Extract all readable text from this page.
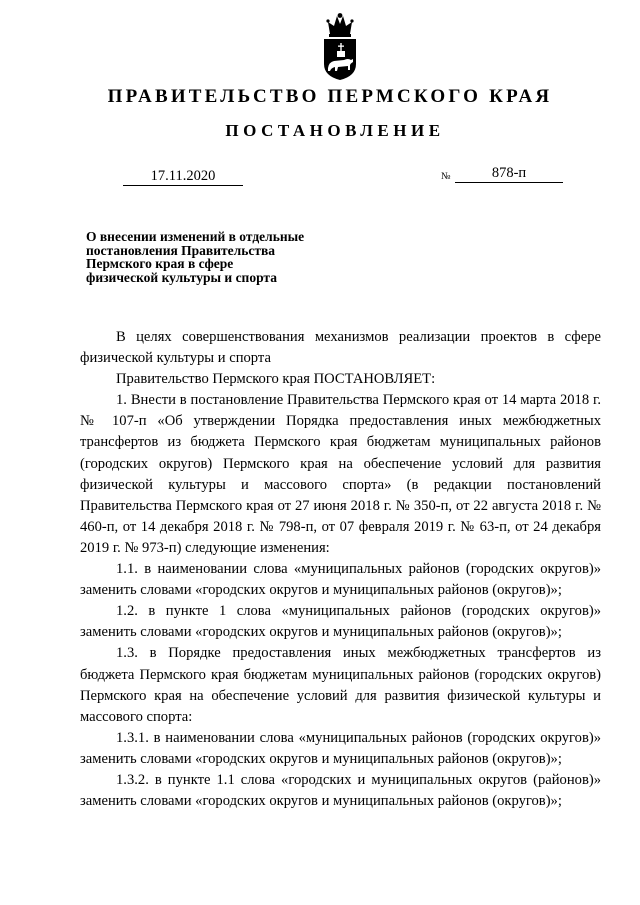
ПРАВИТЕЛЬСТВО ПЕРМСКОГО КРАЯ
ПОСТАНОВЛЕНИЕ
17.11.2020	№	878-п
О внесении изменений в отдельные
постановления Правительства
Пермского края в сфере
физической культуры и спорта

В целях совершенствования механизмов реализации проектов в сфере физической культуры и спорта

Правительство Пермского края ПОСТАНОВЛЯЕТ:

1. Внести в постановление Правительства Пермского края от 14 марта 2018 г. № 107-п «Об утверждении Порядка предоставления иных межбюджетных трансфертов из бюджета Пермского края бюджетам муниципальных районов (городских округов) Пермского края на обеспечение условий для развития физической культуры и массового спорта» (в редакции постановлений Правительства Пермского края от 27 июня 2018 г. № 350-п, от 22 августа 2018 г. № 460-п, от 14 декабря 2018 г. № 798-п, от 07 февраля 2019 г. № 63-п, от 24 декабря 2019 г. № 973-п) следующие изменения:

1.1. в наименовании слова «муниципальных районов (городских округов)» заменить словами «городских округов и муниципальных районов (округов)»;

1.2. в пункте 1 слова «муниципальных районов (городских округов)» заменить словами «городских округов и муниципальных районов (округов)»;

1.3. в Порядке предоставления иных межбюджетных трансфертов из бюджета Пермского края бюджетам муниципальных районов (городских округов) Пермского края на обеспечение условий для развития физической культуры и массового спорта:

1.3.1. в наименовании слова «муниципальных районов (городских округов)» заменить словами «городских округов и муниципальных районов (округов)»;

1.3.2. в пункте 1.1 слова «городских и муниципальных округов (районов)» заменить словами «городских округов и муниципальных районов (округов)»;
